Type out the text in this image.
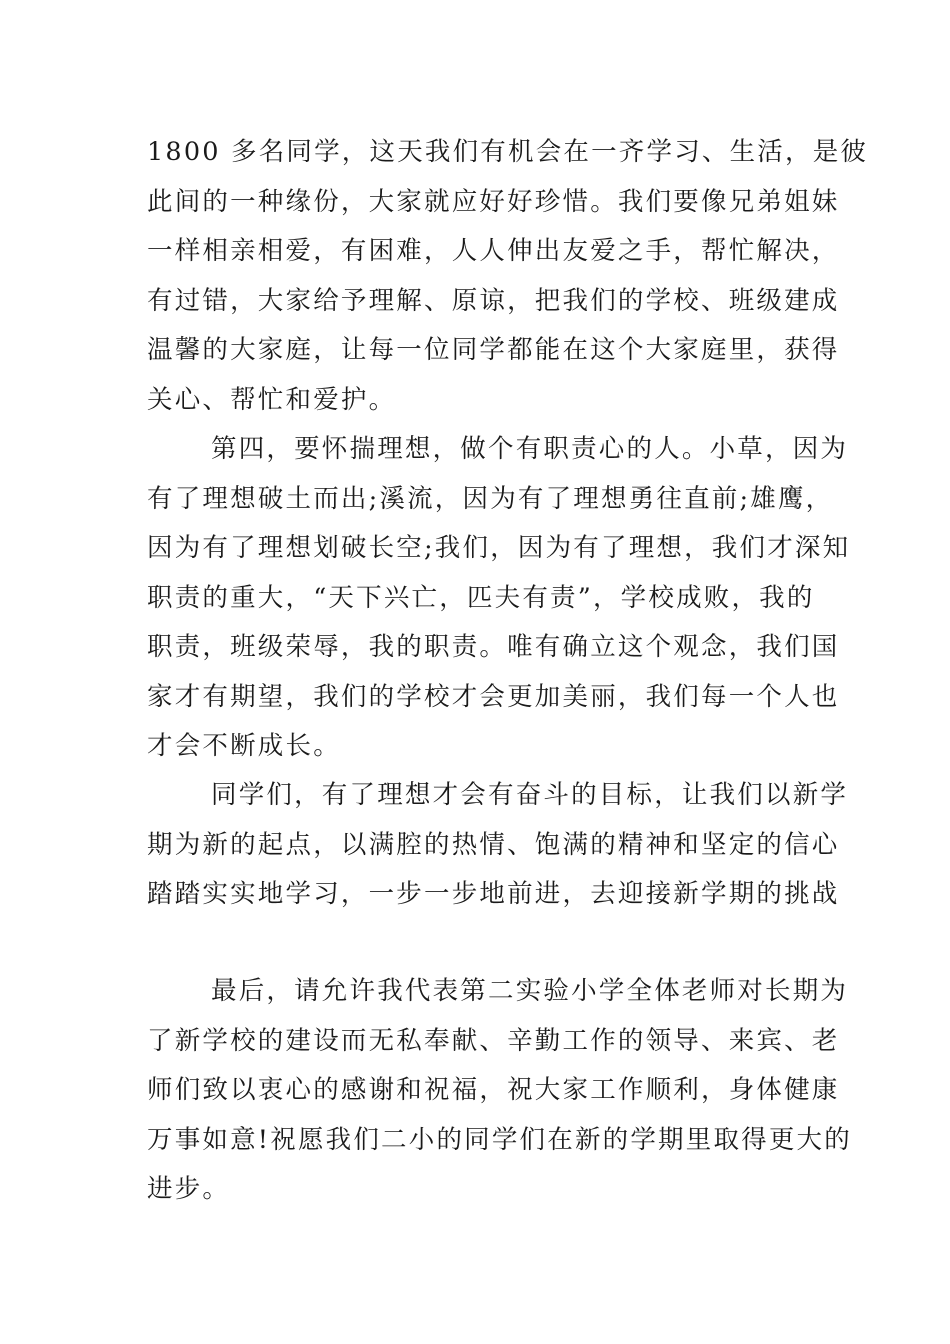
1800 多名同学，这天我们有机会在一齐学习、生活，是彼
此间的一种缘份，大家就应好好珍惜。我们要像兄弟姐妹
一样相亲相爱，有困难，人人伸出友爱之手，帮忙解决，
有过错，大家给予理解、原谅，把我们的学校、班级建成
温馨的大家庭，让每一位同学都能在这个大家庭里，获得
关心、帮忙和爱护。
第四，要怀揣理想，做个有职责心的人。小草，因为
有了理想破土而出;溪流，因为有了理想勇往直前;雄鹰，
因为有了理想划破长空;我们，因为有了理想，我们才深知
职责的重大，“天下兴亡，匹夫有责”，学校成败，我的
职责，班级荣辱，我的职责。唯有确立这个观念，我们国
家才有期望，我们的学校才会更加美丽，我们每一个人也
才会不断成长。
同学们，有了理想才会有奋斗的目标，让我们以新学
期为新的起点，以满腔的热情、饱满的精神和坚定的信心
踏踏实实地学习，一步一步地前进，去迎接新学期的挑战
最后，请允许我代表第二实验小学全体老师对长期为
了新学校的建设而无私奉献、辛勤工作的领导、来宾、老
师们致以衷心的感谢和祝福，祝大家工作顺利，身体健康
万事如意!祝愿我们二小的同学们在新的学期里取得更大的
进步。
